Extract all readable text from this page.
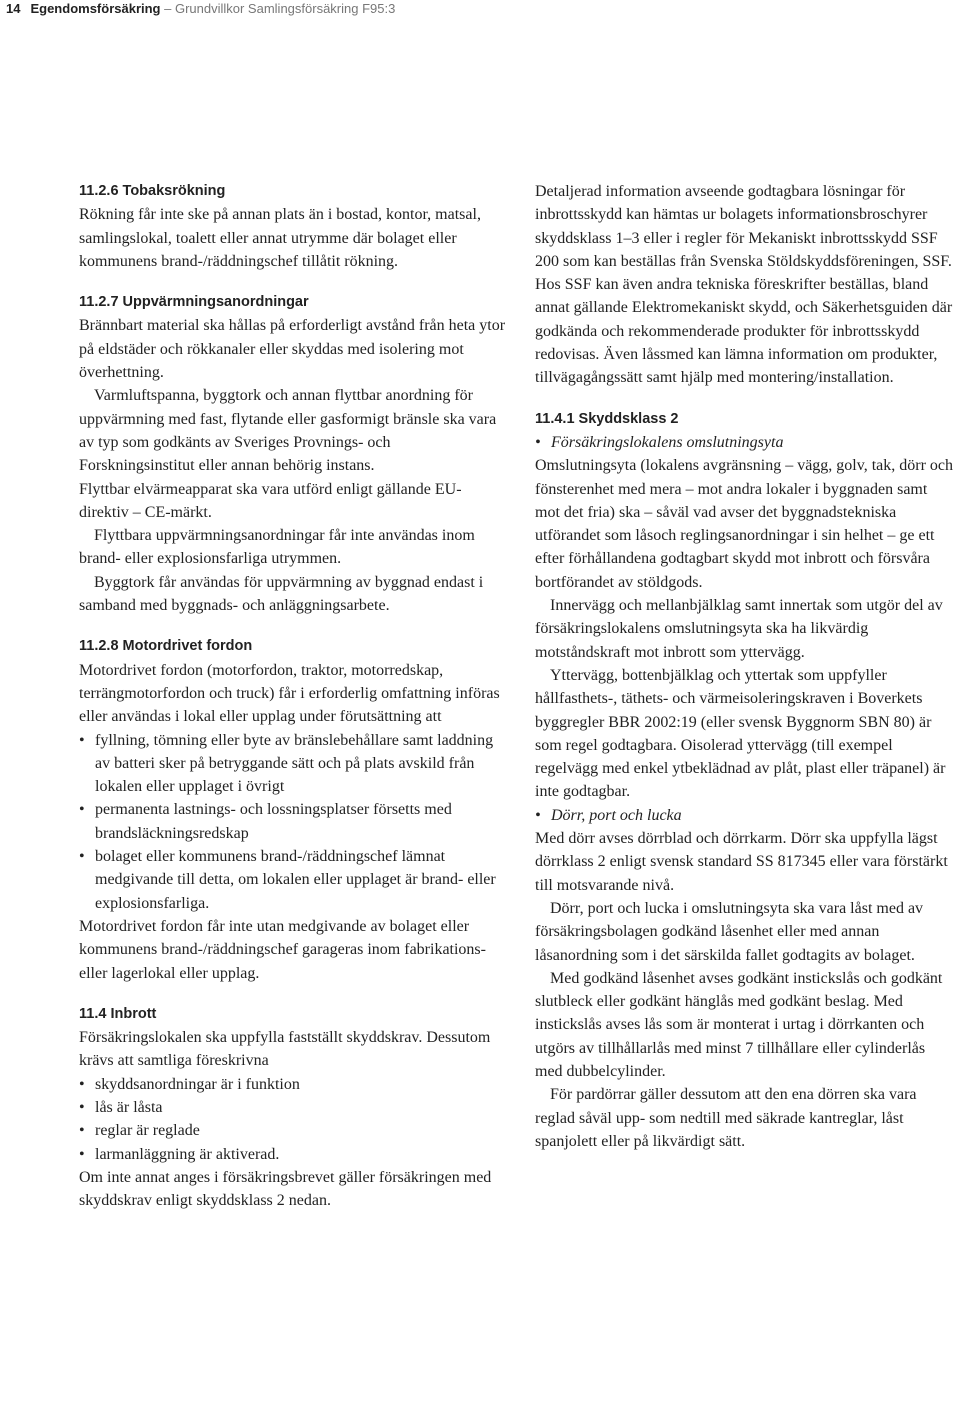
14 Egendomsförsäkring – Grundvillkor Samlingsförsäkring F95:3
11.2.6 Tobaksrökning

Rökning får inte ske på annan plats än i bostad, kontor, matsal, samlingslokal, toalett eller annat utrymme där bolaget eller kommunens brand-/räddningschef tillåtit rökning.

11.2.7 Uppvärmningsanordningar

Brännbart material ska hållas på erforderligt avstånd från heta ytor på eldstäder och rökkanaler eller skyddas med isolering mot överhettning.

Varmluftspanna, byggtork och annan flyttbar anordning för uppvärmning med fast, flytande eller gasformigt bränsle ska vara av typ som godkänts av Sveriges Provnings- och Forskningsinstitut eller annan behörig instans.

Flyttbar elvärmeapparat ska vara utförd enligt gällande EU-direktiv – CE-märkt.

Flyttbara uppvärmningsanordningar får inte användas inom brand- eller explosionsfarliga utrymmen.

Byggtork får användas för uppvärmning av byggnad endast i samband med byggnads- och anläggningsarbete.

11.2.8 Motordrivet fordon

Motordrivet fordon (motorfordon, traktor, motorredskap, terrängmotorfordon och truck) får i erforderlig omfattning införas eller användas i lokal eller upplag under förutsättning att

• fyllning, tömning eller byte av bränslebehållare samt laddning av batteri sker på betryggande sätt och på plats avskild från lokalen eller upplaget i övrigt
• permanenta lastnings- och lossningsplatser försetts med brandsläckningsredskap
• bolaget eller kommunens brand-/räddningschef lämnat medgivande till detta, om lokalen eller upplaget är brand- eller explosionsfarliga.

Motordrivet fordon får inte utan medgivande av bolaget eller kommunens brand-/räddningschef garageras inom fabrikations- eller lagerlokal eller upplag.

11.4 Inbrott

Försäkringslokalen ska uppfylla fastställt skyddskrav. Dessutom krävs att samtliga föreskrivna

• skyddsanordningar är i funktion
• lås är låsta
• reglar är reglade
• larmanläggning är aktiverad.

Om inte annat anges i försäkringsbrevet gäller försäkringen med skyddskrav enligt skyddsklass 2 nedan.

Detaljerad information avseende godtagbara lösningar för inbrottsskydd kan hämtas ur bolagets informationsbroschyrer skyddsklass 1–3 eller i regler för Mekaniskt inbrottsskydd SSF 200 som kan beställas från Svenska Stöldskyddsföreningen, SSF. Hos SSF kan även andra tekniska föreskrifter beställas, bland annat gällande Elektromekaniskt skydd, och Säkerhetsguiden där godkända och rekommenderade produkter för inbrottsskydd redovisas. Även låssmed kan lämna information om produkter, tillvägagångssätt samt hjälp med montering/installation.

11.4.1 Skyddsklass 2
• Försäkringslokalens omslutningsyta

Omslutningsyta (lokalens avgränsning – vägg, golv, tak, dörr och fönsterenhet med mera – mot andra lokaler i byggnaden samt mot det fria) ska – såväl vad avser det byggnadstekniska utförandet som låsoch reglingsanordningar i sin helhet – ge ett efter förhållandena godtagbart skydd mot inbrott och försvåra bortförandet av stöldgods.

Innervägg och mellanbjälklag samt innertak som utgör del av försäkringslokalens omslutningsyta ska ha likvärdig motståndskraft mot inbrott som yttervägg.

Yttervägg, bottenbjälklag och yttertak som uppfyller hållfasthets-, täthets- och värmeisoleringskraven i Boverkets byggregler BBR 2002:19 (eller svensk Byggnorm SBN 80) är som regel godtagbara. Oisolerad yttervägg (till exempel regelvägg med enkel ytbeklädnad av plåt, plast eller träpanel) är inte godtagbar.

• Dörr, port och lucka

Med dörr avses dörrblad och dörrkarm. Dörr ska uppfylla lägst dörrklass 2 enligt svensk standard SS 817345 eller vara förstärkt till motsvarande nivå.

Dörr, port och lucka i omslutningsyta ska vara låst med av försäkringsbolagen godkänd låsenhet eller med annan låsanordning som i det särskilda fallet godtagits av bolaget.

Med godkänd låsenhet avses godkänt instickslås och godkänt slutbleck eller godkänt hänglås med godkänt beslag. Med instickslås avses lås som är monterat i urtag i dörrkanten och utgörs av tillhållarlås med minst 7 tillhållare eller cylinderlås med dubbelcylinder.

För pardörrar gäller dessutom att den ena dörren ska vara reglad såväl upp- som nedtill med säkrade kantreglar, låst spanjolett eller på likvärdigt sätt.
